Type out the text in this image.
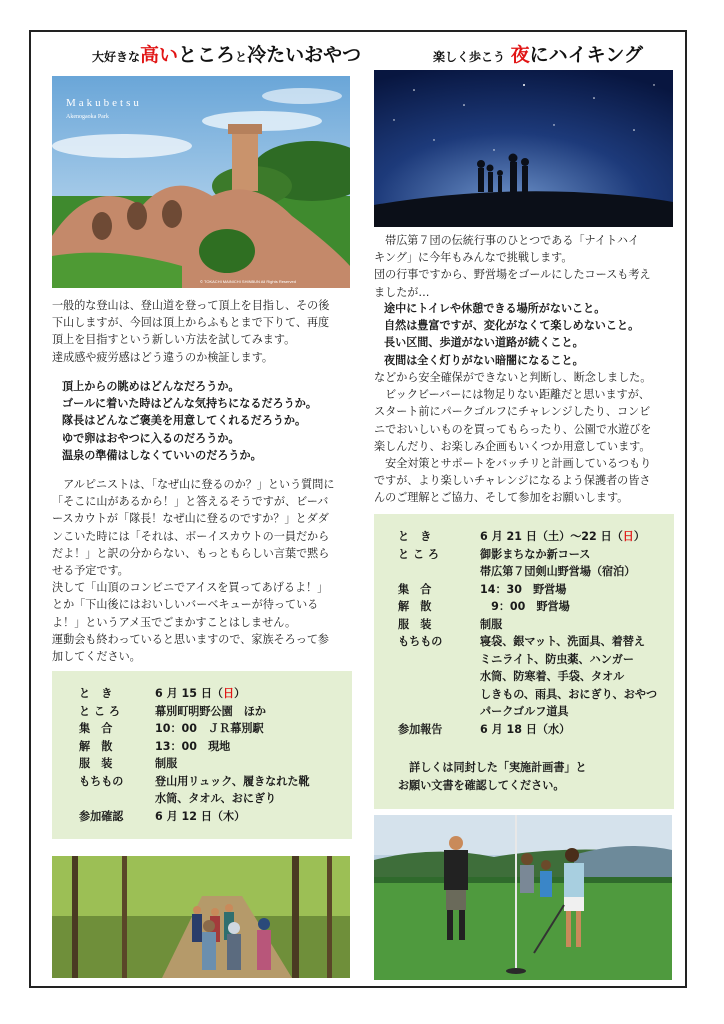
大好きな高いところと冷たいおやつ	楽しく歩こう 夜にハイキング
Makubetsu
Akenogaoka Park
© TOKACHI MAINICHI SHINBUN All Rights Reserved

一般的な登山は、登山道を登って頂上を目指し、その後

下山しますが、今回は頂上からふもとまで下りて、再度

頂上を目指すという新しい方法を試してみます。

達成感や疲労感はどう違うのか検証します。

頂上からの眺めはどんなだろうか。
ゴールに着いた時はどんな気持ちになるだろうか。
隊長はどんなご褒美を用意してくれるだろうか。
ゆで卵はおやつに入るのだろうか。
温泉の準備はしなくていいのだろうか。

　アルピニストは、「なぜ山に登るのか？」という質問に

「そこに山があるから！」と答えるそうですが、ビーバ

ースカウトが「隊長！なぜ山に登るのですか？」とダダ

ンこいた時には「それは、ボーイスカウトの一員だから

だよ！」と訳の分からない、もっともらしい言葉で黙ら

せる予定です。

決して「山頂のコンビニでアイスを買ってあげるよ！」

とか「下山後にはおいしいバーベキューが待っている

よ！」というアメ玉でごまかすことはしません。

運動会も終わっていると思いますので、家族そろって参

加してください。

と　き	6 月 15 日（日）
と こ ろ	幕別町明野公園　ほか
集　合	10：00　ＪＲ幕別駅
解　散	13：00　現地
服　装	制服
もちもの	登山用リュック、履きなれた靴
	水筒、タオル、おにぎり
参加確認	6 月 12 日（木）

　帯広第７団の伝統行事のひとつである「ナイトハイ

キング」に今年もみんなで挑戦します。

団の行事ですから、野営場をゴールにしたコースも考え

ましたが…

途中にトイレや休憩できる場所がないこと。
自然は豊富ですが、変化がなくて楽しめないこと。
長い区間、歩道がない道路が続くこと。
夜間は全く灯りがない暗闇になること。

などから安全確保ができないと判断し、断念しました。

　ビックビーバーには物足りない距離だと思いますが、

スタート前にパークゴルフにチャレンジしたり、コンビ

ニでおいしいものを買ってもらったり、公園で水遊びを

楽しんだり、お楽しみ企画もいくつか用意しています。

　安全対策とサポートをバッチリと計画しているつもり

ですが、より楽しいチャレンジになるよう保護者の皆さ

んのご理解とご協力、そして参加をお願いします。

と　き	6 月 21 日（土）～22 日（日）
と こ ろ	御影まちなか新コース
	帯広第７団剣山野営場（宿泊）
集　合	14：30　野営場
解　散	　9：00　野営場
服　装	制服
もちもの	寝袋、銀マット、洗面具、着替え
	ミニライト、防虫薬、ハンガー
	水筒、防寒着、手袋、タオル
	しきもの、雨具、おにぎり、おやつ
	パークゴルフ道具
参加報告	6 月 18 日（水）
　詳しくは同封した「実施計画書」と
お願い文書を確認してください。
